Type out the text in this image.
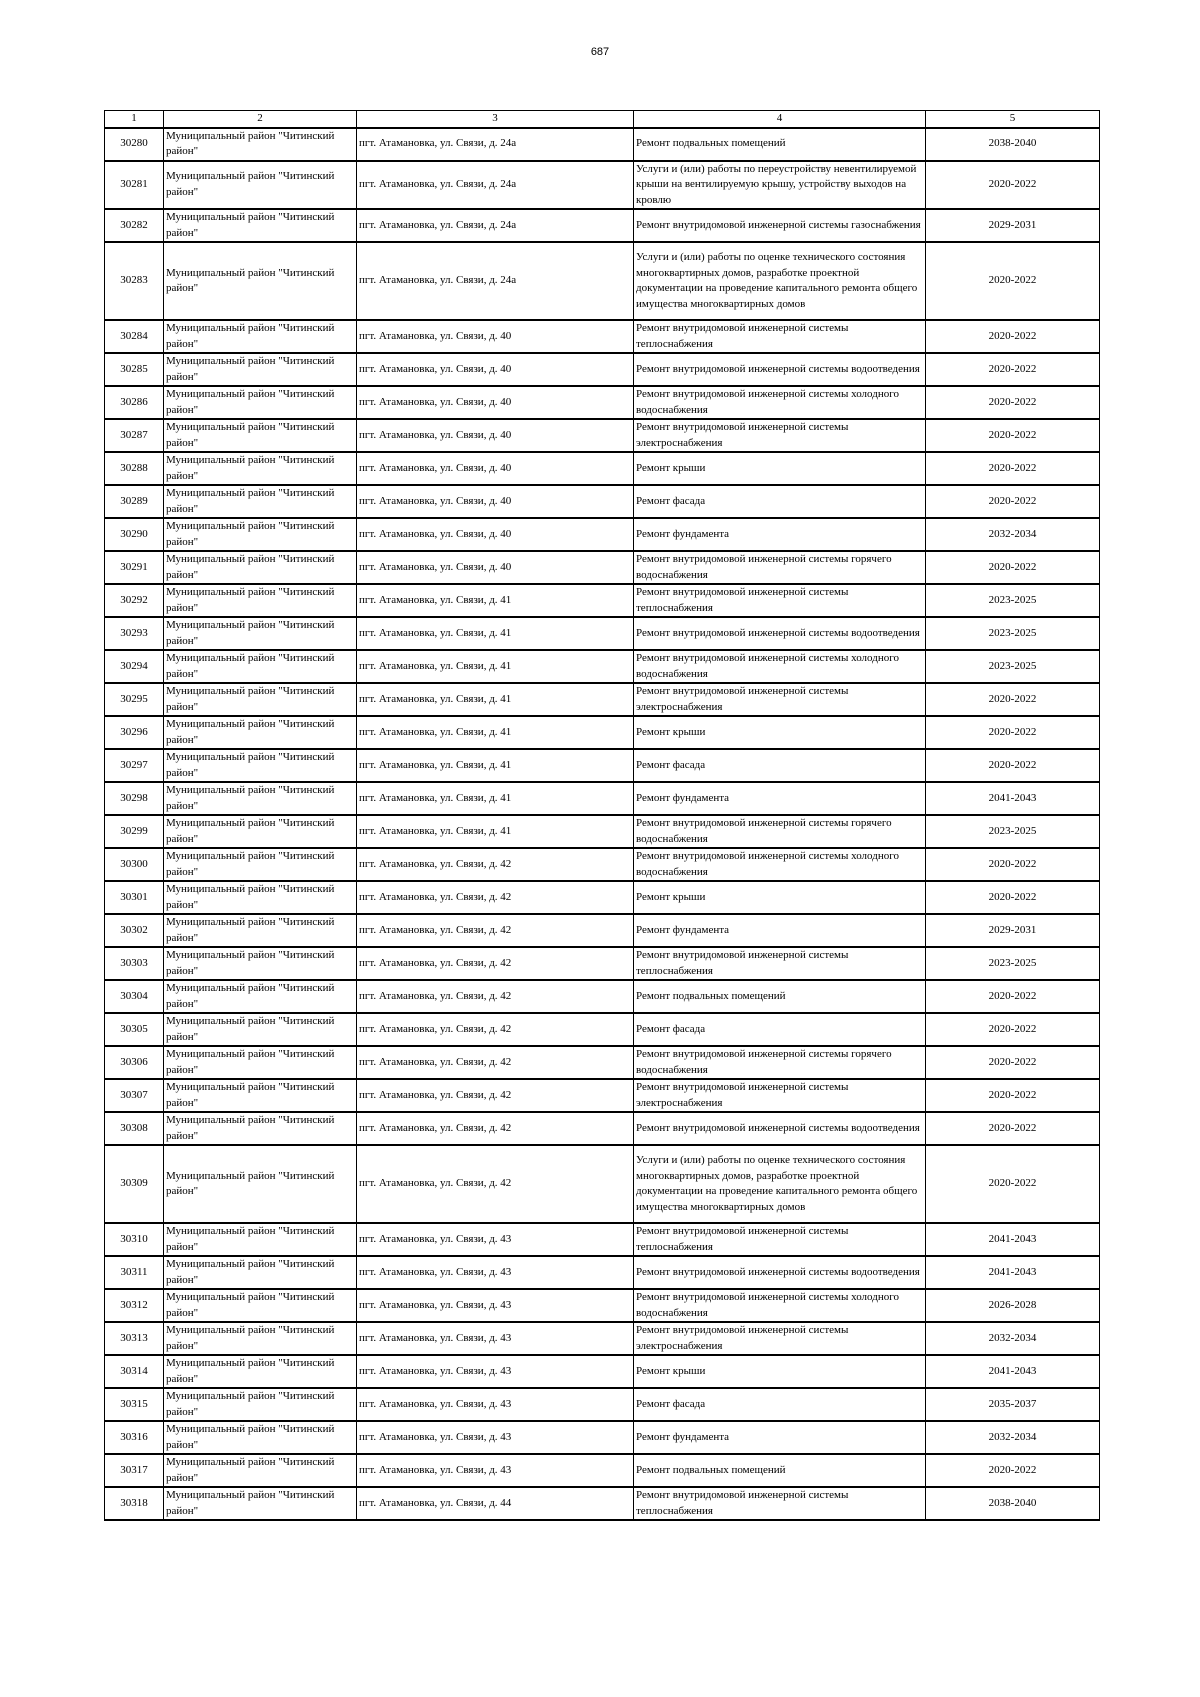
687
1	2	3	4	5
30280	Муниципальный район "Читинский район"	пгт. Атамановка, ул. Связи, д. 24а	Ремонт подвальных помещений	2038-2040
30281	Муниципальный район "Читинский район"	пгт. Атамановка, ул. Связи, д. 24а	Услуги и (или) работы по переустройству невентилируемой крыши на вентилируемую крышу, устройству выходов на кровлю	2020-2022
30282	Муниципальный район "Читинский район"	пгт. Атамановка, ул. Связи, д. 24а	Ремонт внутридомовой инженерной системы газоснабжения	2029-2031
30283	Муниципальный район "Читинский район"	пгт. Атамановка, ул. Связи, д. 24а	Услуги и (или) работы по оценке технического состояния многоквартирных домов, разработке проектной документации на проведение капитального ремонта общего имущества многоквартирных домов	2020-2022
30284	Муниципальный район "Читинский район"	пгт. Атамановка, ул. Связи, д. 40	Ремонт внутридомовой инженерной системы теплоснабжения	2020-2022
30285	Муниципальный район "Читинский район"	пгт. Атамановка, ул. Связи, д. 40	Ремонт внутридомовой инженерной системы водоотведения	2020-2022
30286	Муниципальный район "Читинский район"	пгт. Атамановка, ул. Связи, д. 40	Ремонт внутридомовой инженерной системы холодного водоснабжения	2020-2022
30287	Муниципальный район "Читинский район"	пгт. Атамановка, ул. Связи, д. 40	Ремонт внутридомовой инженерной системы электроснабжения	2020-2022
30288	Муниципальный район "Читинский район"	пгт. Атамановка, ул. Связи, д. 40	Ремонт крыши	2020-2022
30289	Муниципальный район "Читинский район"	пгт. Атамановка, ул. Связи, д. 40	Ремонт фасада	2020-2022
30290	Муниципальный район "Читинский район"	пгт. Атамановка, ул. Связи, д. 40	Ремонт фундамента	2032-2034
30291	Муниципальный район "Читинский район"	пгт. Атамановка, ул. Связи, д. 40	Ремонт внутридомовой инженерной системы горячего водоснабжения	2020-2022
30292	Муниципальный район "Читинский район"	пгт. Атамановка, ул. Связи, д. 41	Ремонт внутридомовой инженерной системы теплоснабжения	2023-2025
30293	Муниципальный район "Читинский район"	пгт. Атамановка, ул. Связи, д. 41	Ремонт внутридомовой инженерной системы водоотведения	2023-2025
30294	Муниципальный район "Читинский район"	пгт. Атамановка, ул. Связи, д. 41	Ремонт внутридомовой инженерной системы холодного водоснабжения	2023-2025
30295	Муниципальный район "Читинский район"	пгт. Атамановка, ул. Связи, д. 41	Ремонт внутридомовой инженерной системы электроснабжения	2020-2022
30296	Муниципальный район "Читинский район"	пгт. Атамановка, ул. Связи, д. 41	Ремонт крыши	2020-2022
30297	Муниципальный район "Читинский район"	пгт. Атамановка, ул. Связи, д. 41	Ремонт фасада	2020-2022
30298	Муниципальный район "Читинский район"	пгт. Атамановка, ул. Связи, д. 41	Ремонт фундамента	2041-2043
30299	Муниципальный район "Читинский район"	пгт. Атамановка, ул. Связи, д. 41	Ремонт внутридомовой инженерной системы горячего водоснабжения	2023-2025
30300	Муниципальный район "Читинский район"	пгт. Атамановка, ул. Связи, д. 42	Ремонт внутридомовой инженерной системы холодного водоснабжения	2020-2022
30301	Муниципальный район "Читинский район"	пгт. Атамановка, ул. Связи, д. 42	Ремонт крыши	2020-2022
30302	Муниципальный район "Читинский район"	пгт. Атамановка, ул. Связи, д. 42	Ремонт фундамента	2029-2031
30303	Муниципальный район "Читинский район"	пгт. Атамановка, ул. Связи, д. 42	Ремонт внутридомовой инженерной системы теплоснабжения	2023-2025
30304	Муниципальный район "Читинский район"	пгт. Атамановка, ул. Связи, д. 42	Ремонт подвальных помещений	2020-2022
30305	Муниципальный район "Читинский район"	пгт. Атамановка, ул. Связи, д. 42	Ремонт фасада	2020-2022
30306	Муниципальный район "Читинский район"	пгт. Атамановка, ул. Связи, д. 42	Ремонт внутридомовой инженерной системы горячего водоснабжения	2020-2022
30307	Муниципальный район "Читинский район"	пгт. Атамановка, ул. Связи, д. 42	Ремонт внутридомовой инженерной системы электроснабжения	2020-2022
30308	Муниципальный район "Читинский район"	пгт. Атамановка, ул. Связи, д. 42	Ремонт внутридомовой инженерной системы водоотведения	2020-2022
30309	Муниципальный район "Читинский район"	пгт. Атамановка, ул. Связи, д. 42	Услуги и (или) работы по оценке технического состояния многоквартирных домов, разработке проектной документации на проведение капитального ремонта общего имущества многоквартирных домов	2020-2022
30310	Муниципальный район "Читинский район"	пгт. Атамановка, ул. Связи, д. 43	Ремонт внутридомовой инженерной системы теплоснабжения	2041-2043
30311	Муниципальный район "Читинский район"	пгт. Атамановка, ул. Связи, д. 43	Ремонт внутридомовой инженерной системы водоотведения	2041-2043
30312	Муниципальный район "Читинский район"	пгт. Атамановка, ул. Связи, д. 43	Ремонт внутридомовой инженерной системы холодного водоснабжения	2026-2028
30313	Муниципальный район "Читинский район"	пгт. Атамановка, ул. Связи, д. 43	Ремонт внутридомовой инженерной системы электроснабжения	2032-2034
30314	Муниципальный район "Читинский район"	пгт. Атамановка, ул. Связи, д. 43	Ремонт крыши	2041-2043
30315	Муниципальный район "Читинский район"	пгт. Атамановка, ул. Связи, д. 43	Ремонт фасада	2035-2037
30316	Муниципальный район "Читинский район"	пгт. Атамановка, ул. Связи, д. 43	Ремонт фундамента	2032-2034
30317	Муниципальный район "Читинский район"	пгт. Атамановка, ул. Связи, д. 43	Ремонт подвальных помещений	2020-2022
30318	Муниципальный район "Читинский район"	пгт. Атамановка, ул. Связи, д. 44	Ремонт внутридомовой инженерной системы теплоснабжения	2038-2040
